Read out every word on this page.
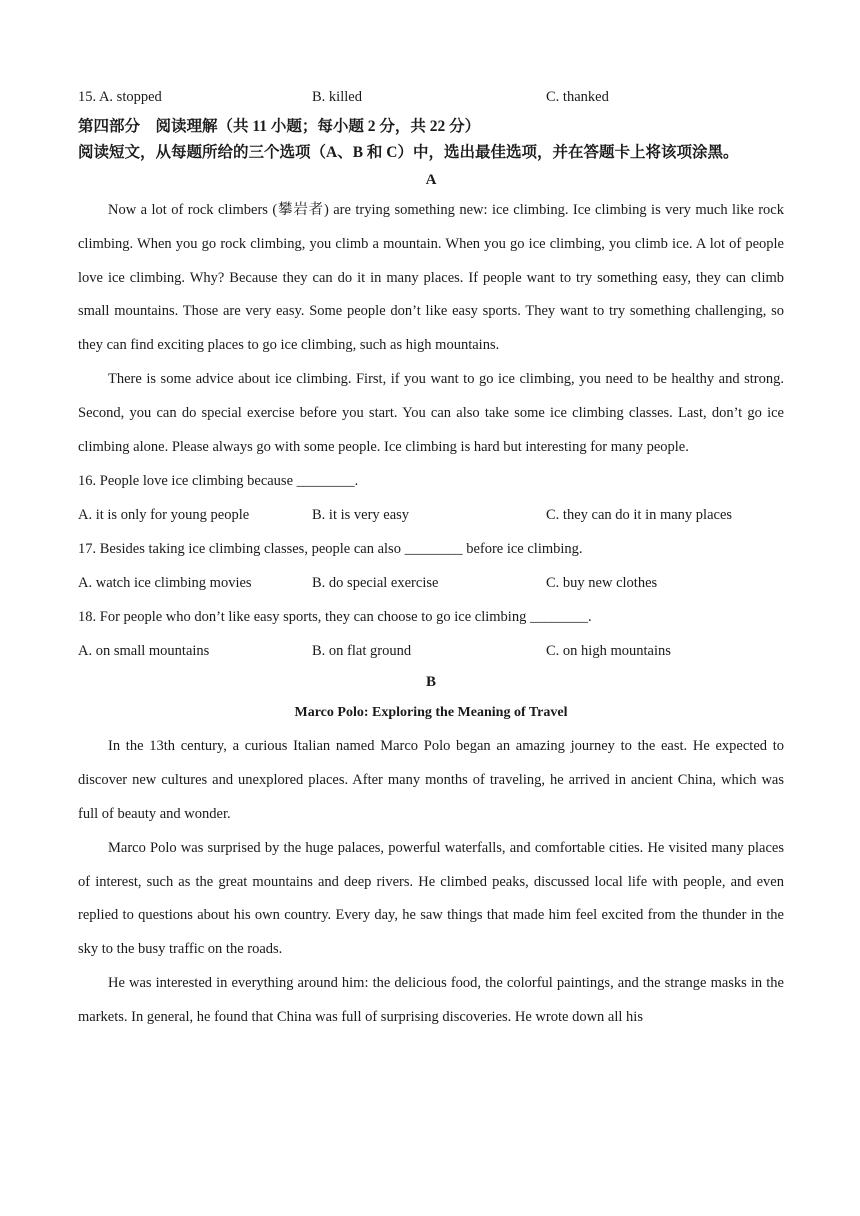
15. A. stopped	B. killed	C. thanked
第四部分　阅读理解（共 11 小题；每小题 2 分，共 22 分）
阅读短文，从每题所给的三个选项（A、B 和 C）中，选出最佳选项，并在答题卡上将该项涂黑。
A

Now a lot of rock climbers (攀岩者) are trying something new: ice climbing. Ice climbing is very much like rock climbing. When you go rock climbing, you climb a mountain. When you go ice climbing, you climb ice. A lot of people love ice climbing. Why? Because they can do it in many places. If people want to try something easy, they can climb small mountains. Those are very easy. Some people don’t like easy sports. They want to try something challenging, so they can find exciting places to go ice climbing, such as high mountains.

There is some advice about ice climbing. First, if you want to go ice climbing, you need to be healthy and strong. Second, you can do special exercise before you start. You can also take some ice climbing classes. Last, don’t go ice climbing alone. Please always go with some people. Ice climbing is hard but interesting for many people.

16. People love ice climbing because ________.
A. it is only for young people	B. it is very easy	C. they can do it in many places
17. Besides taking ice climbing classes, people can also ________ before ice climbing.
A. watch ice climbing movies	B. do special exercise	C. buy new clothes
18. For people who don’t like easy sports, they can choose to go ice climbing ________.
A. on small mountains	B. on flat ground	C. on high mountains
B
Marco Polo: Exploring the Meaning of Travel

In the 13th century, a curious Italian named Marco Polo began an amazing journey to the east. He expected to discover new cultures and unexplored places. After many months of traveling, he arrived in ancient China, which was full of beauty and wonder.

Marco Polo was surprised by the huge palaces, powerful waterfalls, and comfortable cities. He visited many places of interest, such as the great mountains and deep rivers. He climbed peaks, discussed local life with people, and even replied to questions about his own country. Every day, he saw things that made him feel excited from the thunder in the sky to the busy traffic on the roads.

He was interested in everything around him: the delicious food, the colorful paintings, and the strange masks in the markets. In general, he found that China was full of surprising discoveries. He wrote down all his
